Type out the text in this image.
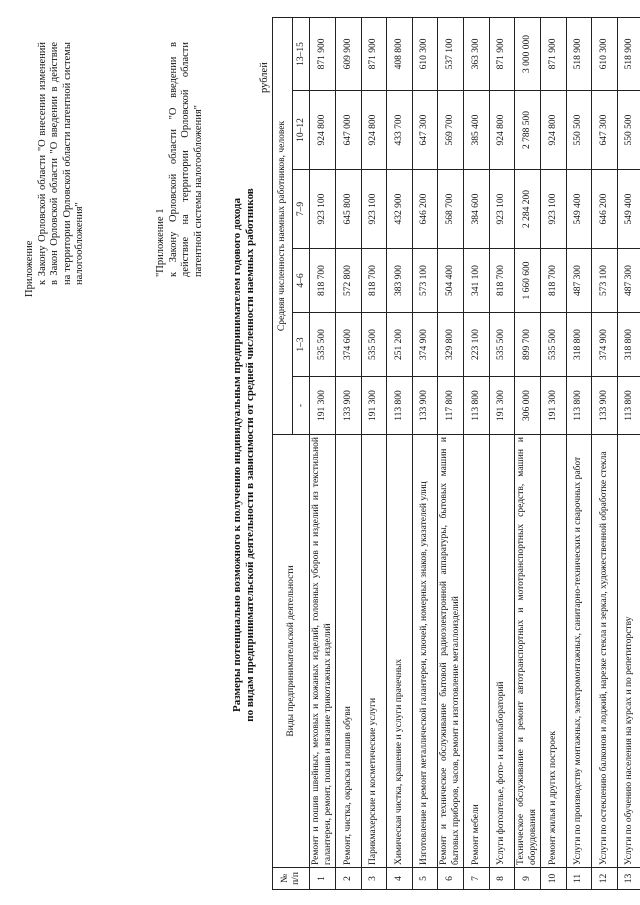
Приложение к Закону Орловской области "О внесении изменений в Закон Орловской области "О введении в действие на территории Орловской области патентной системы налогообложения"	"Приложение 1 к Закону Орловской области "О введении в действие на территории Орловской области патентной системы налогообложения"
Размеры потенциально возможного к получению индивидуальным предпринимателем годового дохода по видам предпринимательской деятельности в зависимости от средней численности наемных работников
рублей
№ п/п	Виды предпринимательской деятельности	Средняя численность наемных работников, человек					
		-	1–3	4–6	7–9	10–12	13–15
1	Ремонт и пошив швейных, меховых и кожаных изделий, головных уборов и изделий из текстильной галантереи, ремонт, пошив и вязание трикотажных изделий	191 300	535 500	818 700	923 100	924 800	871 900
2	Ремонт, чистка, окраска и пошив обуви	133 900	374 600	572 800	645 800	647 000	609 900
3	Парикмахерские и косметические услуги	191 300	535 500	818 700	923 100	924 800	871 900
4	Химическая чистка, крашение и услуги прачечных	113 800	251 200	383 900	432 900	433 700	408 800
5	Изготовление и ремонт металлической галантереи, ключей, номерных знаков, указателей улиц	133 900	374 900	573 100	646 200	647 300	610 300
6	Ремонт и техническое обслуживание бытовой радиоэлектронной аппаратуры, бытовых машин и бытовых приборов, часов, ремонт и изготовление металлоизделий	117 800	329 800	504 400	568 700	569 700	537 100
7	Ремонт мебели	113 800	223 100	341 100	384 600	385 400	363 300
8	Услуги фотоателье, фото- и кинолабораторий	191 300	535 500	818 700	923 100	924 800	871 900
9	Техническое обслуживание и ремонт автотранспортных и мототранспортных средств, машин и оборудования	306 000	899 700	1 660 600	2 284 200	2 788 500	3 000 000
10	Ремонт жилья и других построек	191 300	535 500	818 700	923 100	924 800	871 900
11	Услуги по производству монтажных, электромонтажных, санитарно-технических и сварочных работ	113 800	318 800	487 300	549 400	550 500	518 900
12	Услуги по остеклению балконов и лоджий, нарезке стекла и зеркал, художественной обработке стекла	133 900	374 900	573 100	646 200	647 300	610 300
13	Услуги по обучению населения на курсах и по репетиторству	113 800	318 800	487 300	549 400	550 500	518 900
